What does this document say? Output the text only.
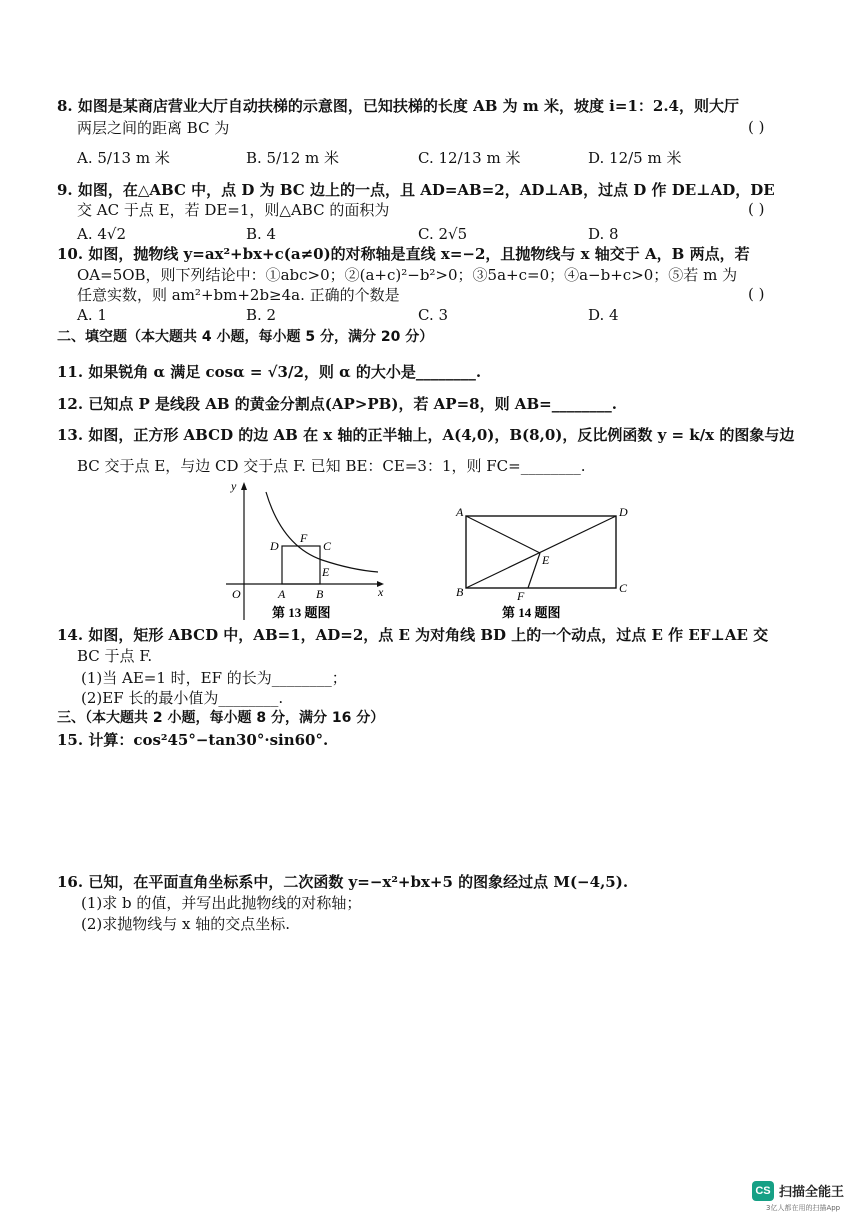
8. 如图是某商店营业大厅自动扶梯的示意图，已知扶梯的长度 AB 为 m 米，坡度 i=1：2.4，则大厅
两层之间的距离 BC 为	( )
A. 5/13 m 米	B. 5/12 m 米	C. 12/13 m 米	D. 12/5 m 米
9. 如图，在△ABC 中，点 D 为 BC 边上的一点，且 AD=AB=2，AD⊥AB，过点 D 作 DE⊥AD，DE
交 AC 于点 E，若 DE=1，则△ABC 的面积为	( )
A. 4√2	B. 4	C. 2√5	D. 8
10. 如图，抛物线 y=ax²+bx+c(a≠0)的对称轴是直线 x=−2，且抛物线与 x 轴交于 A，B 两点，若
OA=5OB，则下列结论中：①abc>0；②(a+c)²−b²>0；③5a+c=0；④a−b+c>0；⑤若 m 为
任意实数，则 am²+bm+2b≥4a. 正确的个数是	( )
A. 1	B. 2	C. 3	D. 4
二、填空题（本大题共 4 小题，每小题 5 分，满分 20 分）
11. 如果锐角 α 满足 cosα = √3/2，则 α 的大小是________.
12. 已知点 P 是线段 AB 的黄金分割点(AP>PB)，若 AP=8，则 AB=________.
13. 如图，正方形 ABCD 的边 AB 在 x 轴的正半轴上，A(4,0)，B(8,0)，反比例函数 y = k/x 的图象与边
BC 交于点 E，与边 CD 交于点 F. 已知 BE：CE=3：1，则 FC=________.
y
x
O	A	B
C
D
E
F
第 13 题图
A	D
B	C
E
F
第 14 题图
14. 如图，矩形 ABCD 中，AB=1，AD=2，点 E 为对角线 BD 上的一个动点，过点 E 作 EF⊥AE 交
BC 于点 F.
(1)当 AE=1 时，EF 的长为________；
(2)EF 长的最小值为________.
三、（本大题共 2 小题，每小题 8 分，满分 16 分）
15. 计算：cos²45°−tan30°·sin60°.
16. 已知，在平面直角坐标系中，二次函数 y=−x²+bx+5 的图象经过点 M(−4,5).
(1)求 b 的值，并写出此抛物线的对称轴；
(2)求抛物线与 x 轴的交点坐标.
CS 扫描全能王
3亿人都在用的扫描App
